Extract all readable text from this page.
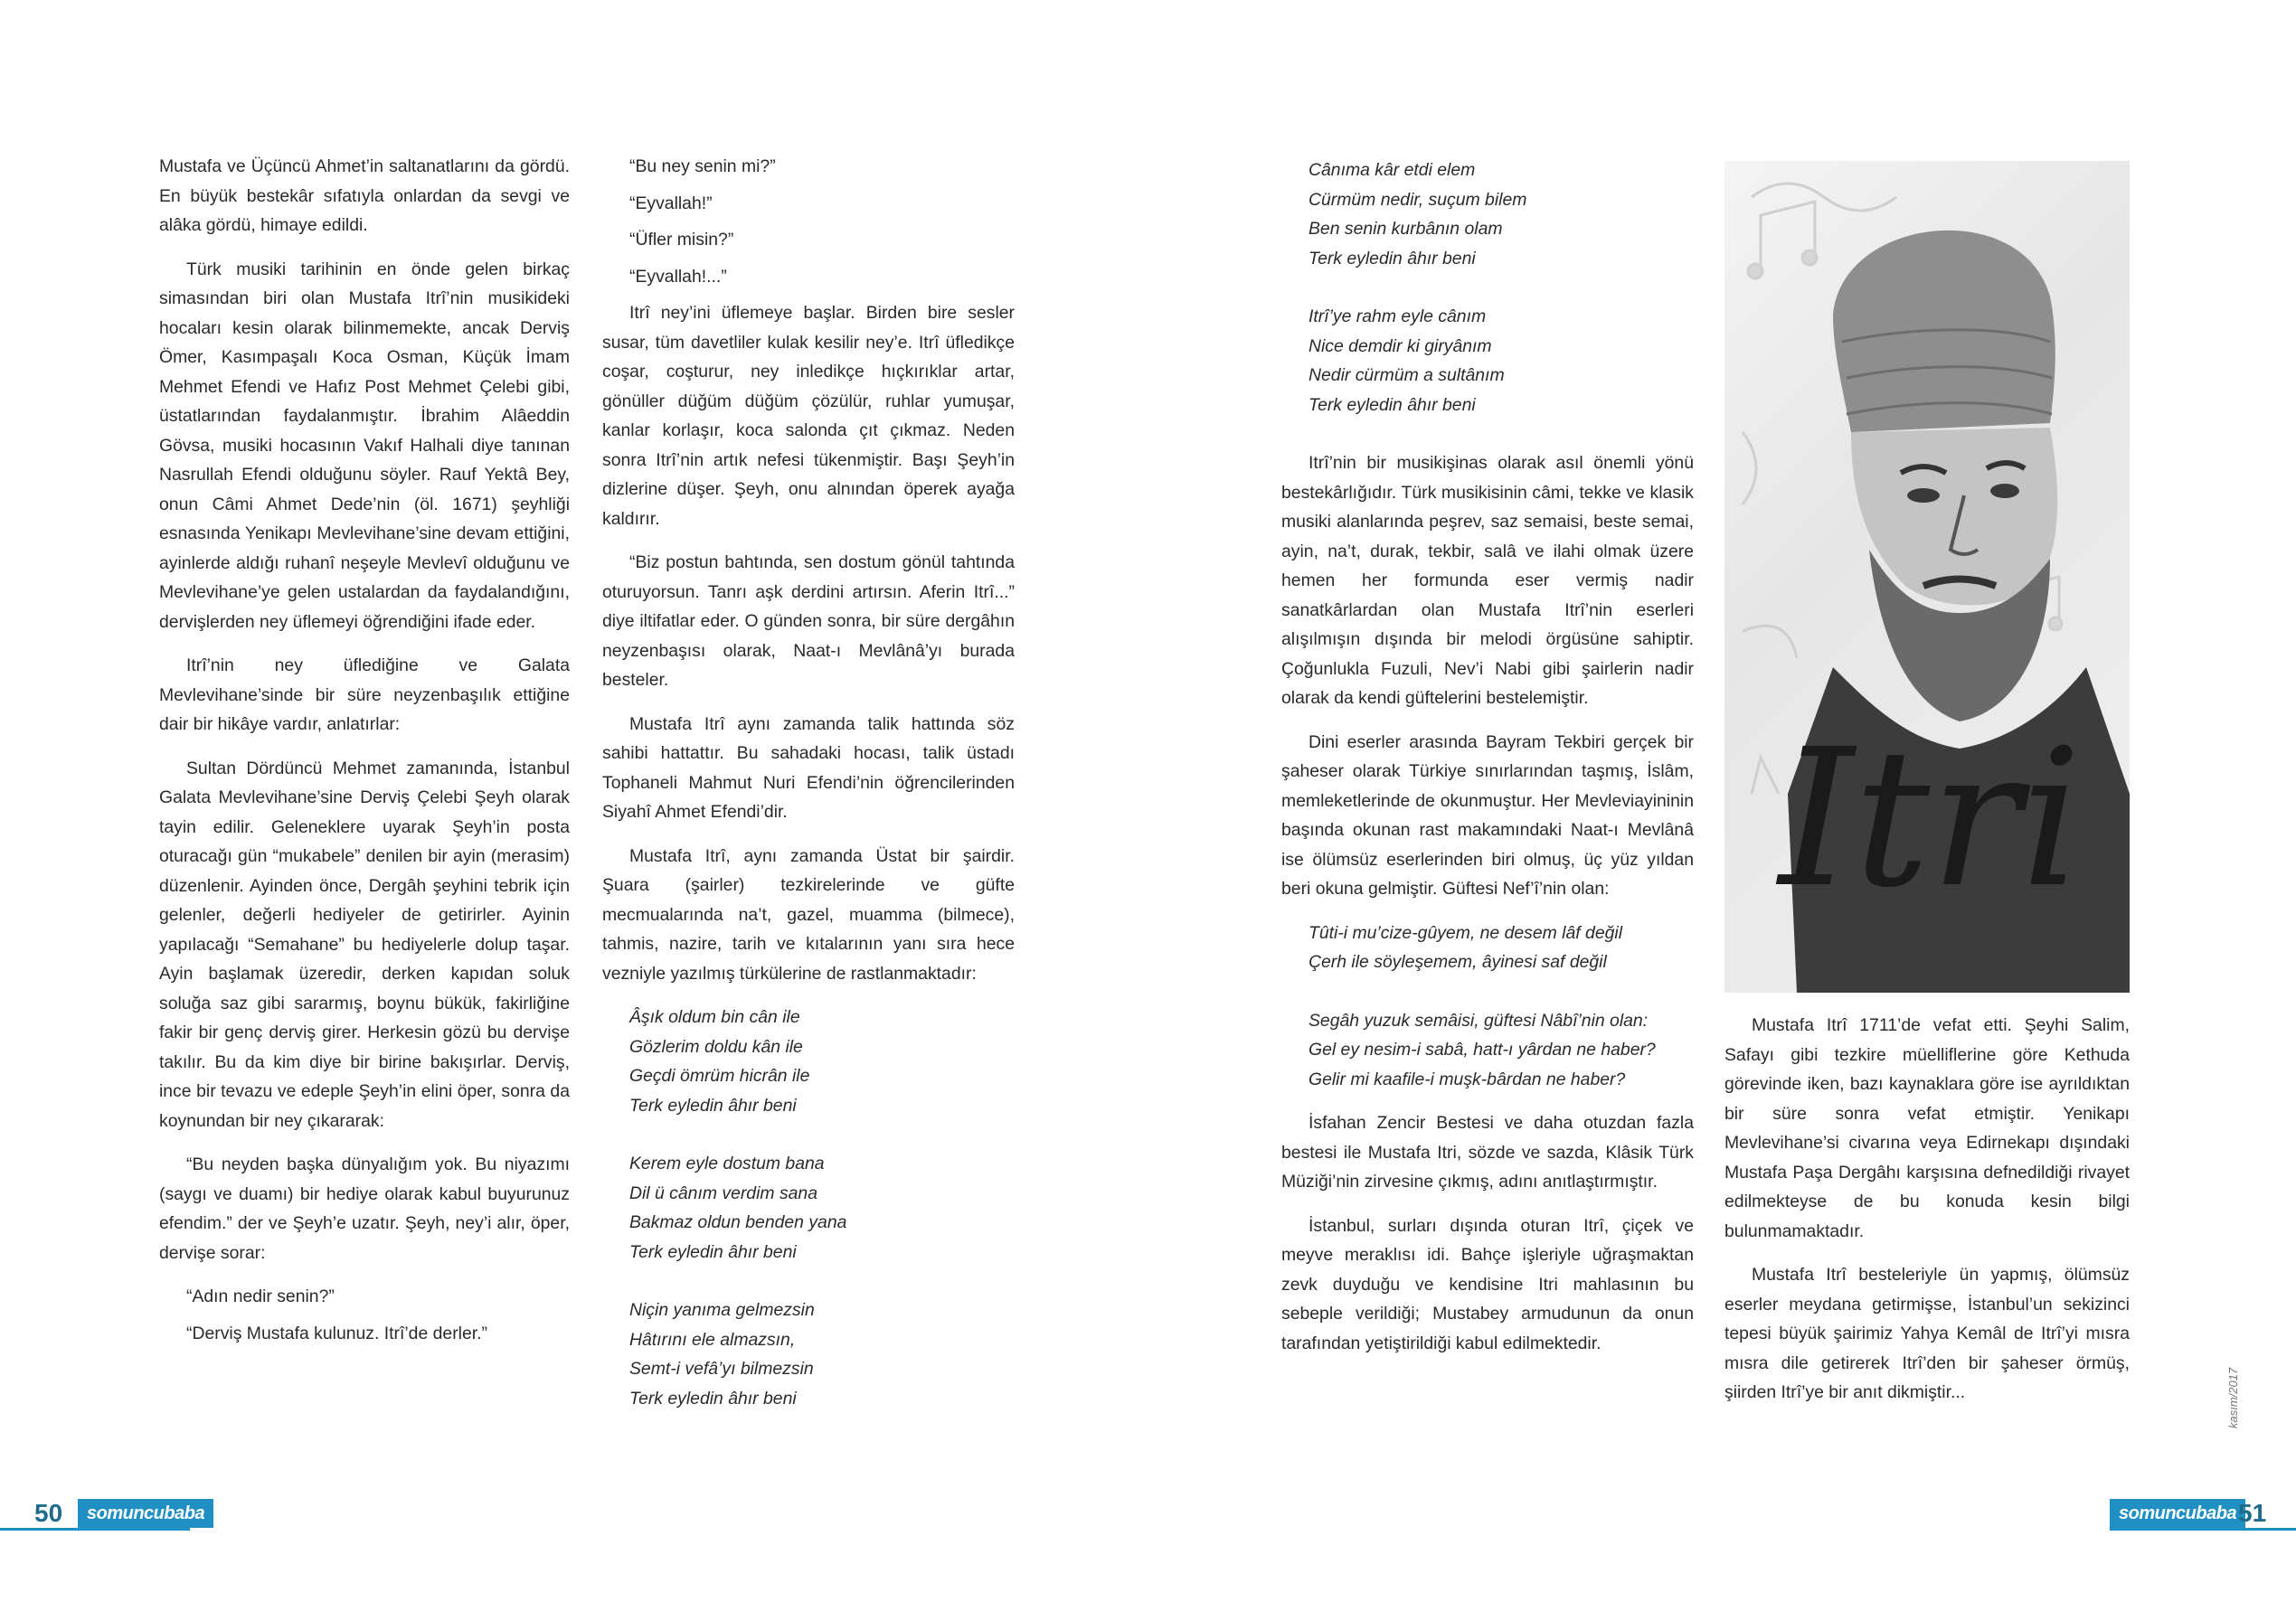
Mustafa ve Üçüncü Ahmet’in saltanatlarını da gördü. En büyük bestekâr sıfatıyla onlardan da sevgi ve alâka gördü, himaye edildi.

Türk musiki tarihinin en önde gelen birkaç simasından biri olan Mustafa Itrî’nin musikideki hocaları kesin olarak bilinmemekte, ancak Derviş Ömer, Kasımpaşalı Koca Osman, Küçük İmam Mehmet Efendi ve Hafız Post Mehmet Çelebi gibi, üstatlarından faydalanmıştır. İbrahim Alâeddin Gövsa, musiki hocasının Vakıf Halhali diye tanınan Nasrullah Efendi olduğunu söyler. Rauf Yektâ Bey, onun Câmi Ahmet Dede’nin (öl. 1671) şeyhliği esnasında Yenikapı Mevlevihane’sine devam ettiğini, ayinlerde aldığı ruhanî neşeyle Mevlevî olduğunu ve Mevlevihane’ye gelen ustalardan da faydalandığını, dervişlerden ney üflemeyi öğrendiğini ifade eder.

Itrî’nin ney üflediğine ve Galata Mevlevihane’sinde bir süre neyzenbaşılık ettiğine dair bir hikâye vardır, anlatırlar:

Sultan Dördüncü Mehmet zamanında, İstanbul Galata Mevlevihane’sine Derviş Çelebi Şeyh olarak tayin edilir. Geleneklere uyarak Şeyh’in posta oturacağı gün “mukabele” denilen bir ayin (merasim) düzenlenir. Ayinden önce, Dergâh şeyhini tebrik için gelenler, değerli hediyeler de getirirler. Ayinin yapılacağı “Semahane” bu hediyelerle dolup taşar. Ayin başlamak üzeredir, derken kapıdan soluk soluğa saz gibi sararmış, boynu bükük, fakirliğine fakir bir genç derviş girer. Herkesin gözü bu dervişe takılır. Bu da kim diye bir birine bakışırlar. Derviş, ince bir tevazu ve edeple Şeyh’in elini öper, sonra da koynundan bir ney çıkararak:

“Bu neyden başka dünyalığım yok. Bu niyazımı (saygı ve duamı) bir hediye olarak kabul buyurunuz efendim.” der ve Şeyh’e uzatır. Şeyh, ney’i alır, öper, dervişe sorar:

“Adın nedir senin?”

“Derviş Mustafa kulunuz. Itrî’de derler.”

“Bu ney senin mi?”

“Eyvallah!”

“Üfler misin?”

“Eyvallah!...”

Itrî ney’ini üflemeye başlar. Birden bire sesler susar, tüm davetliler kulak kesilir ney’e. Itrî üfledikçe coşar, coşturur, ney inledikçe hıçkırıklar artar, gönüller düğüm düğüm çözülür, ruhlar yumuşar, kanlar korlaşır, koca salonda çıt çıkmaz. Neden sonra Itrî’nin artık nefesi tükenmiştir. Başı Şeyh’in dizlerine düşer. Şeyh, onu alnından öperek ayağa kaldırır.

“Biz postun bahtında, sen dostum gönül tahtında oturuyorsun. Tanrı aşk derdini artırsın. Aferin Itrî...” diye iltifatlar eder. O günden sonra, bir süre dergâhın neyzenbaşısı olarak, Naat-ı Mevlânâ’yı burada besteler.

Mustafa Itrî aynı zamanda talik hattında söz sahibi hattattır. Bu sahadaki hocası, talik üstadı Tophaneli Mahmut Nuri Efendi’nin öğrencilerinden Siyahî Ahmet Efendi’dir.

Mustafa Itrî, aynı zamanda Üstat bir şairdir. Şuara (şairler) tezkirelerinde ve güfte mecmualarında na’t, gazel, muamma (bilmece), tahmis, nazire, tarih ve kıtalarının yanı sıra hece vezniyle yazılmış türkülerine de rastlanmaktadır:

Âşık oldum bin cân ile
Gözlerim doldu kân ile
Geçdi ömrüm hicrân ile
Terk eyledin âhır beni
Kerem eyle dostum bana
Dil ü cânım verdim sana
Bakmaz oldun benden yana
Terk eyledin âhır beni
Niçin yanıma gelmezsin
Hâtırını ele almazsın,
Semt-i vefâ’yı bilmezsin
Terk eyledin âhır beni
Cânıma kâr etdi elem
Cürmüm nedir, suçum bilem
Ben senin kurbânın olam
Terk eyledin âhır beni
Itrî’ye rahm eyle cânım
Nice demdir ki giryânım
Nedir cürmüm a sultânım
Terk eyledin âhır beni

Itrî’nin bir musikişinas olarak asıl önemli yönü bestekârlığıdır. Türk musikisinin câmi, tekke ve klasik musiki alanlarında peşrev, saz semaisi, beste semai, ayin, na’t, durak, tekbir, salâ ve ilahi olmak üzere hemen her formunda eser vermiş nadir sanatkârlardan olan Mustafa Itrî’nin eserleri alışılmışın dışında bir melodi örgüsüne sahiptir. Çoğunlukla Fuzuli, Nev’i Nabi gibi şairlerin nadir olarak da kendi güftelerini bestelemiştir.

Dini eserler arasında Bayram Tekbiri gerçek bir şaheser olarak Türkiye sınırlarından taşmış, İslâm, memleketlerinde de okunmuştur. Her Mevleviayininin başında okunan rast makamındaki Naat-ı Mevlânâ ise ölümsüz eserlerinden biri olmuş, üç yüz yıldan beri okuna gelmiştir. Güftesi Nef’î’nin olan:

Tûti-i mu’cize-gûyem, ne desem lâf değil
Çerh ile söyleşemem, âyinesi saf değil
Segâh yuzuk semâisi, güftesi Nâbî’nin olan:
Gel ey nesim-i sabâ, hatt-ı yârdan ne haber?
Gelir mi kaafile-i muşk-bârdan ne haber?

İsfahan Zencir Bestesi ve daha otuzdan fazla bestesi ile Mustafa Itri, sözde ve sazda, Klâsik Türk Müziği’nin zirvesine çıkmış, adını anıtlaştırmıştır.

İstanbul, surları dışında oturan Itrî, çiçek ve meyve meraklısı idi. Bahçe işleriyle uğraşmaktan zevk duyduğu ve kendisine Itri mahlasının bu sebeple verildiği; Mustabey armudunun da onun tarafından yetiştirildiği kabul edilmektedir.

Itri

Mustafa Itrî 1711’de vefat etti. Şeyhi Salim, Safayı gibi tezkire müelliflerine göre Kethuda görevinde iken, bazı kaynaklara göre ise ayrıldıktan bir süre sonra vefat etmiştir. Yenikapı Mevlevihane’si civarına veya Edirnekapı dışındaki Mustafa Paşa Dergâhı karşısına defnedildiği rivayet edilmekteyse de bu konuda kesin bilgi bulunmamaktadır.

Mustafa Itrî besteleriyle ün yapmış, ölümsüz eserler meydana getirmişse, İstanbul’un sekizinci tepesi büyük şairimiz Yahya Kemâl de Itrî’yi mısra mısra dile getirerek Itrî’den bir şaheser örmüş, şiirden Itrî’ye bir anıt dikmiştir...

50	somuncubaba
kasım/2017
somuncubaba 51
